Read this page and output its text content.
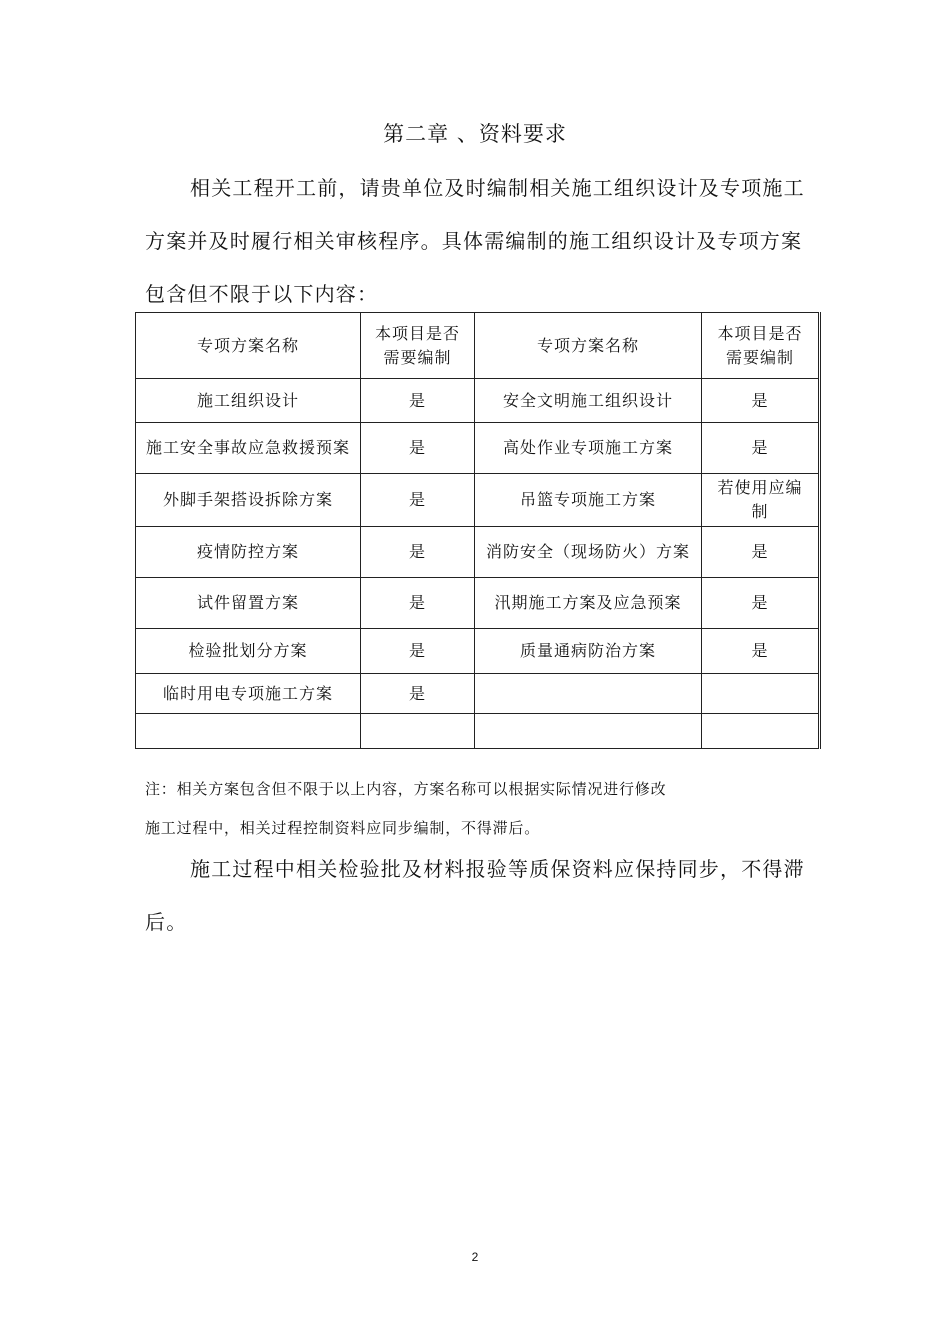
第二章 、资料要求

相关工程开工前，请贵单位及时编制相关施工组织设计及专项施工方案并及时履行相关审核程序。具体需编制的施工组织设计及专项方案包含但不限于以下内容：

专项方案名称	本项目是否需要编制	专项方案名称	本项目是否需要编制
施工组织设计	是	安全文明施工组织设计	是
施工安全事故应急救援预案	是	高处作业专项施工方案	是
外脚手架搭设拆除方案	是	吊篮专项施工方案	若使用应编制
疫情防控方案	是	消防安全（现场防火）方案	是
试件留置方案	是	汛期施工方案及应急预案	是
检验批划分方案	是	质量通病防治方案	是
临时用电专项施工方案	是		

注：相关方案包含但不限于以上内容，方案名称可以根据实际情况进行修改

施工过程中，相关过程控制资料应同步编制，不得滞后。

施工过程中相关检验批及材料报验等质保资料应保持同步，不得滞后。

2
